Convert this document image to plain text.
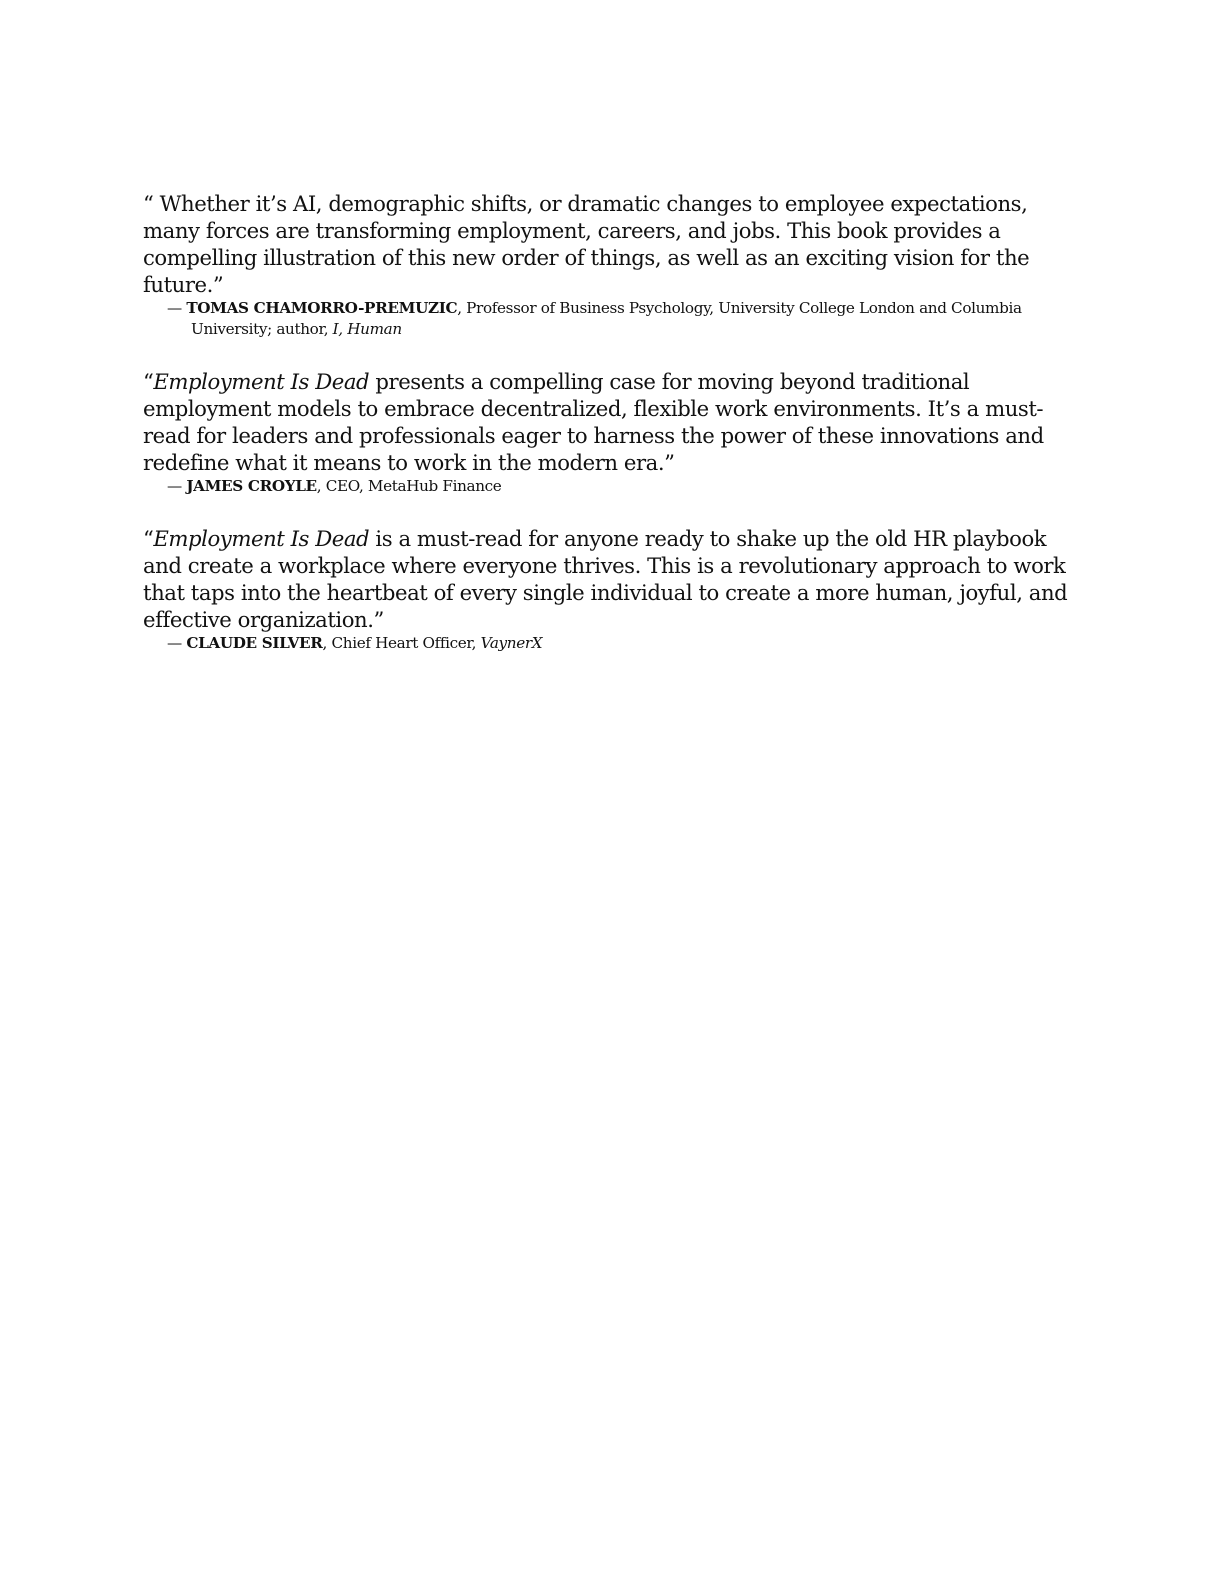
“ Whether it’s AI, demographic shifts, or dramatic changes to employee expectations, many forces are transforming employment, careers, and jobs. This book provides a compelling illustration of this new order of things, as well as an exciting vision for the future.”

— TOMAS CHAMORRO-PREMUZIC, Professor of Business Psychology, University College London and Columbia University; author, I, Human

“Employment Is Dead presents a compelling case for moving beyond traditional employment models to embrace decentralized, flexible work environments. It’s a must-read for leaders and professionals eager to harness the power of these innovations and redefine what it means to work in the modern era.”

— JAMES CROYLE, CEO, MetaHub Finance

“Employment Is Dead is a must-read for anyone ready to shake up the old HR playbook and create a workplace where everyone thrives. This is a revolutionary approach to work that taps into the heartbeat of every single individual to create a more human, joyful, and effective organization.”

— CLAUDE SILVER, Chief Heart Officer, VaynerX
